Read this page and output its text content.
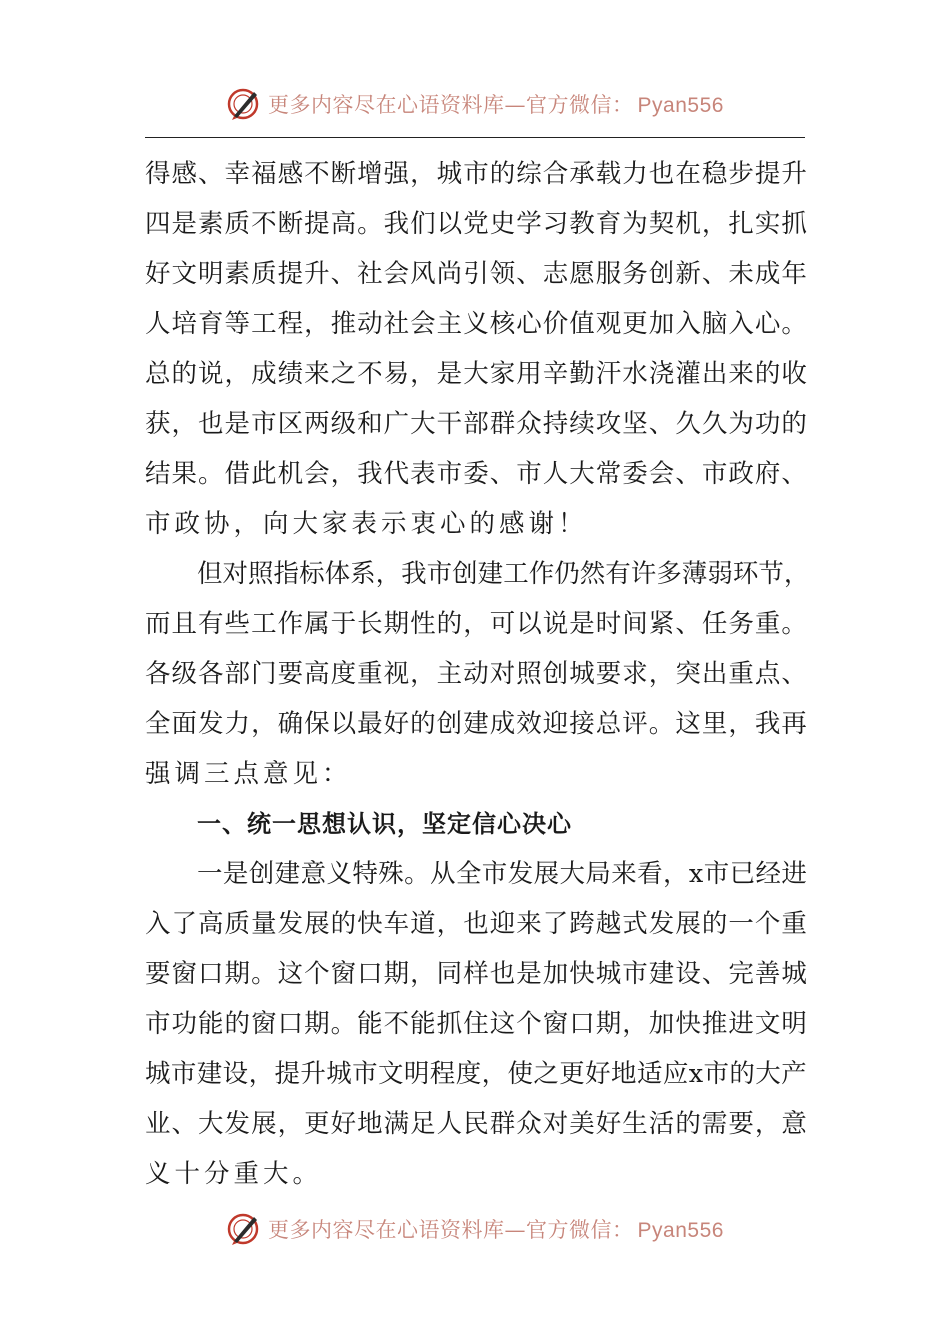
更多内容尽在心语资料库—官方微信： Pyan556
得 感 、 幸 福 感 不 断 增 强 ， 城 市 的 综 合 承 载 力 也 在 稳 步 提 升
四 是 素 质 不 断 提 高 。 我 们 以 党 史 学 习 教 育 为 契 机 ， 扎 实 抓
好 文 明 素 质 提 升 、 社 会 风 尚 引 领 、 志 愿 服 务 创 新 、 未 成 年
人 培 育 等 工 程 ， 推 动 社 会 主 义 核 心 价 值 观 更 加 入 脑 入 心 。
总 的 说 ， 成 绩 来 之 不 易 ， 是 大 家 用 辛 勤 汗 水 浇 灌 出 来 的 收
获 ， 也 是 市 区 两 级 和 广 大 干 部 群 众 持 续 攻 坚 、 久 久 为 功 的
结 果 。 借 此 机 会 ， 我 代 表 市 委 、 市 人 大 常 委 会 、 市 政 府 、
市政协，向大家表示衷心的感谢！
但 对 照 指 标 体 系 ， 我 市 创 建 工 作 仍 然 有 许 多 薄 弱 环 节 ，
而 且 有 些 工 作 属 于 长 期 性 的 ， 可 以 说 是 时 间 紧 、 任 务 重 。
各 级 各 部 门 要 高 度 重 视 ， 主 动 对 照 创 城 要 求 ， 突 出 重 点 、
全 面 发 力 ， 确 保 以 最 好 的 创 建 成 效 迎 接 总 评 。 这 里 ， 我 再
强调三点意见：
一、统一思想认识，坚定信心决心
一 是 创 建 意 义 特 殊 。 从 全 市 发 展 大 局 来 看 ， x 市 已 经 进
入 了 高 质 量 发 展 的 快 车 道 ， 也 迎 来 了 跨 越 式 发 展 的 一 个 重
要 窗 口 期 。 这 个 窗 口 期 ， 同 样 也 是 加 快 城 市 建 设 、 完 善 城
市 功 能 的 窗 口 期 。 能 不 能 抓 住 这 个 窗 口 期 ， 加 快 推 进 文 明
城 市 建 设 ， 提 升 城 市 文 明 程 度 ， 使 之 更 好 地 适 应 x 市 的 大 产
业 、 大 发 展 ， 更 好 地 满 足 人 民 群 众 对 美 好 生 活 的 需 要 ， 意
义十分重大。
更多内容尽在心语资料库—官方微信： Pyan556
